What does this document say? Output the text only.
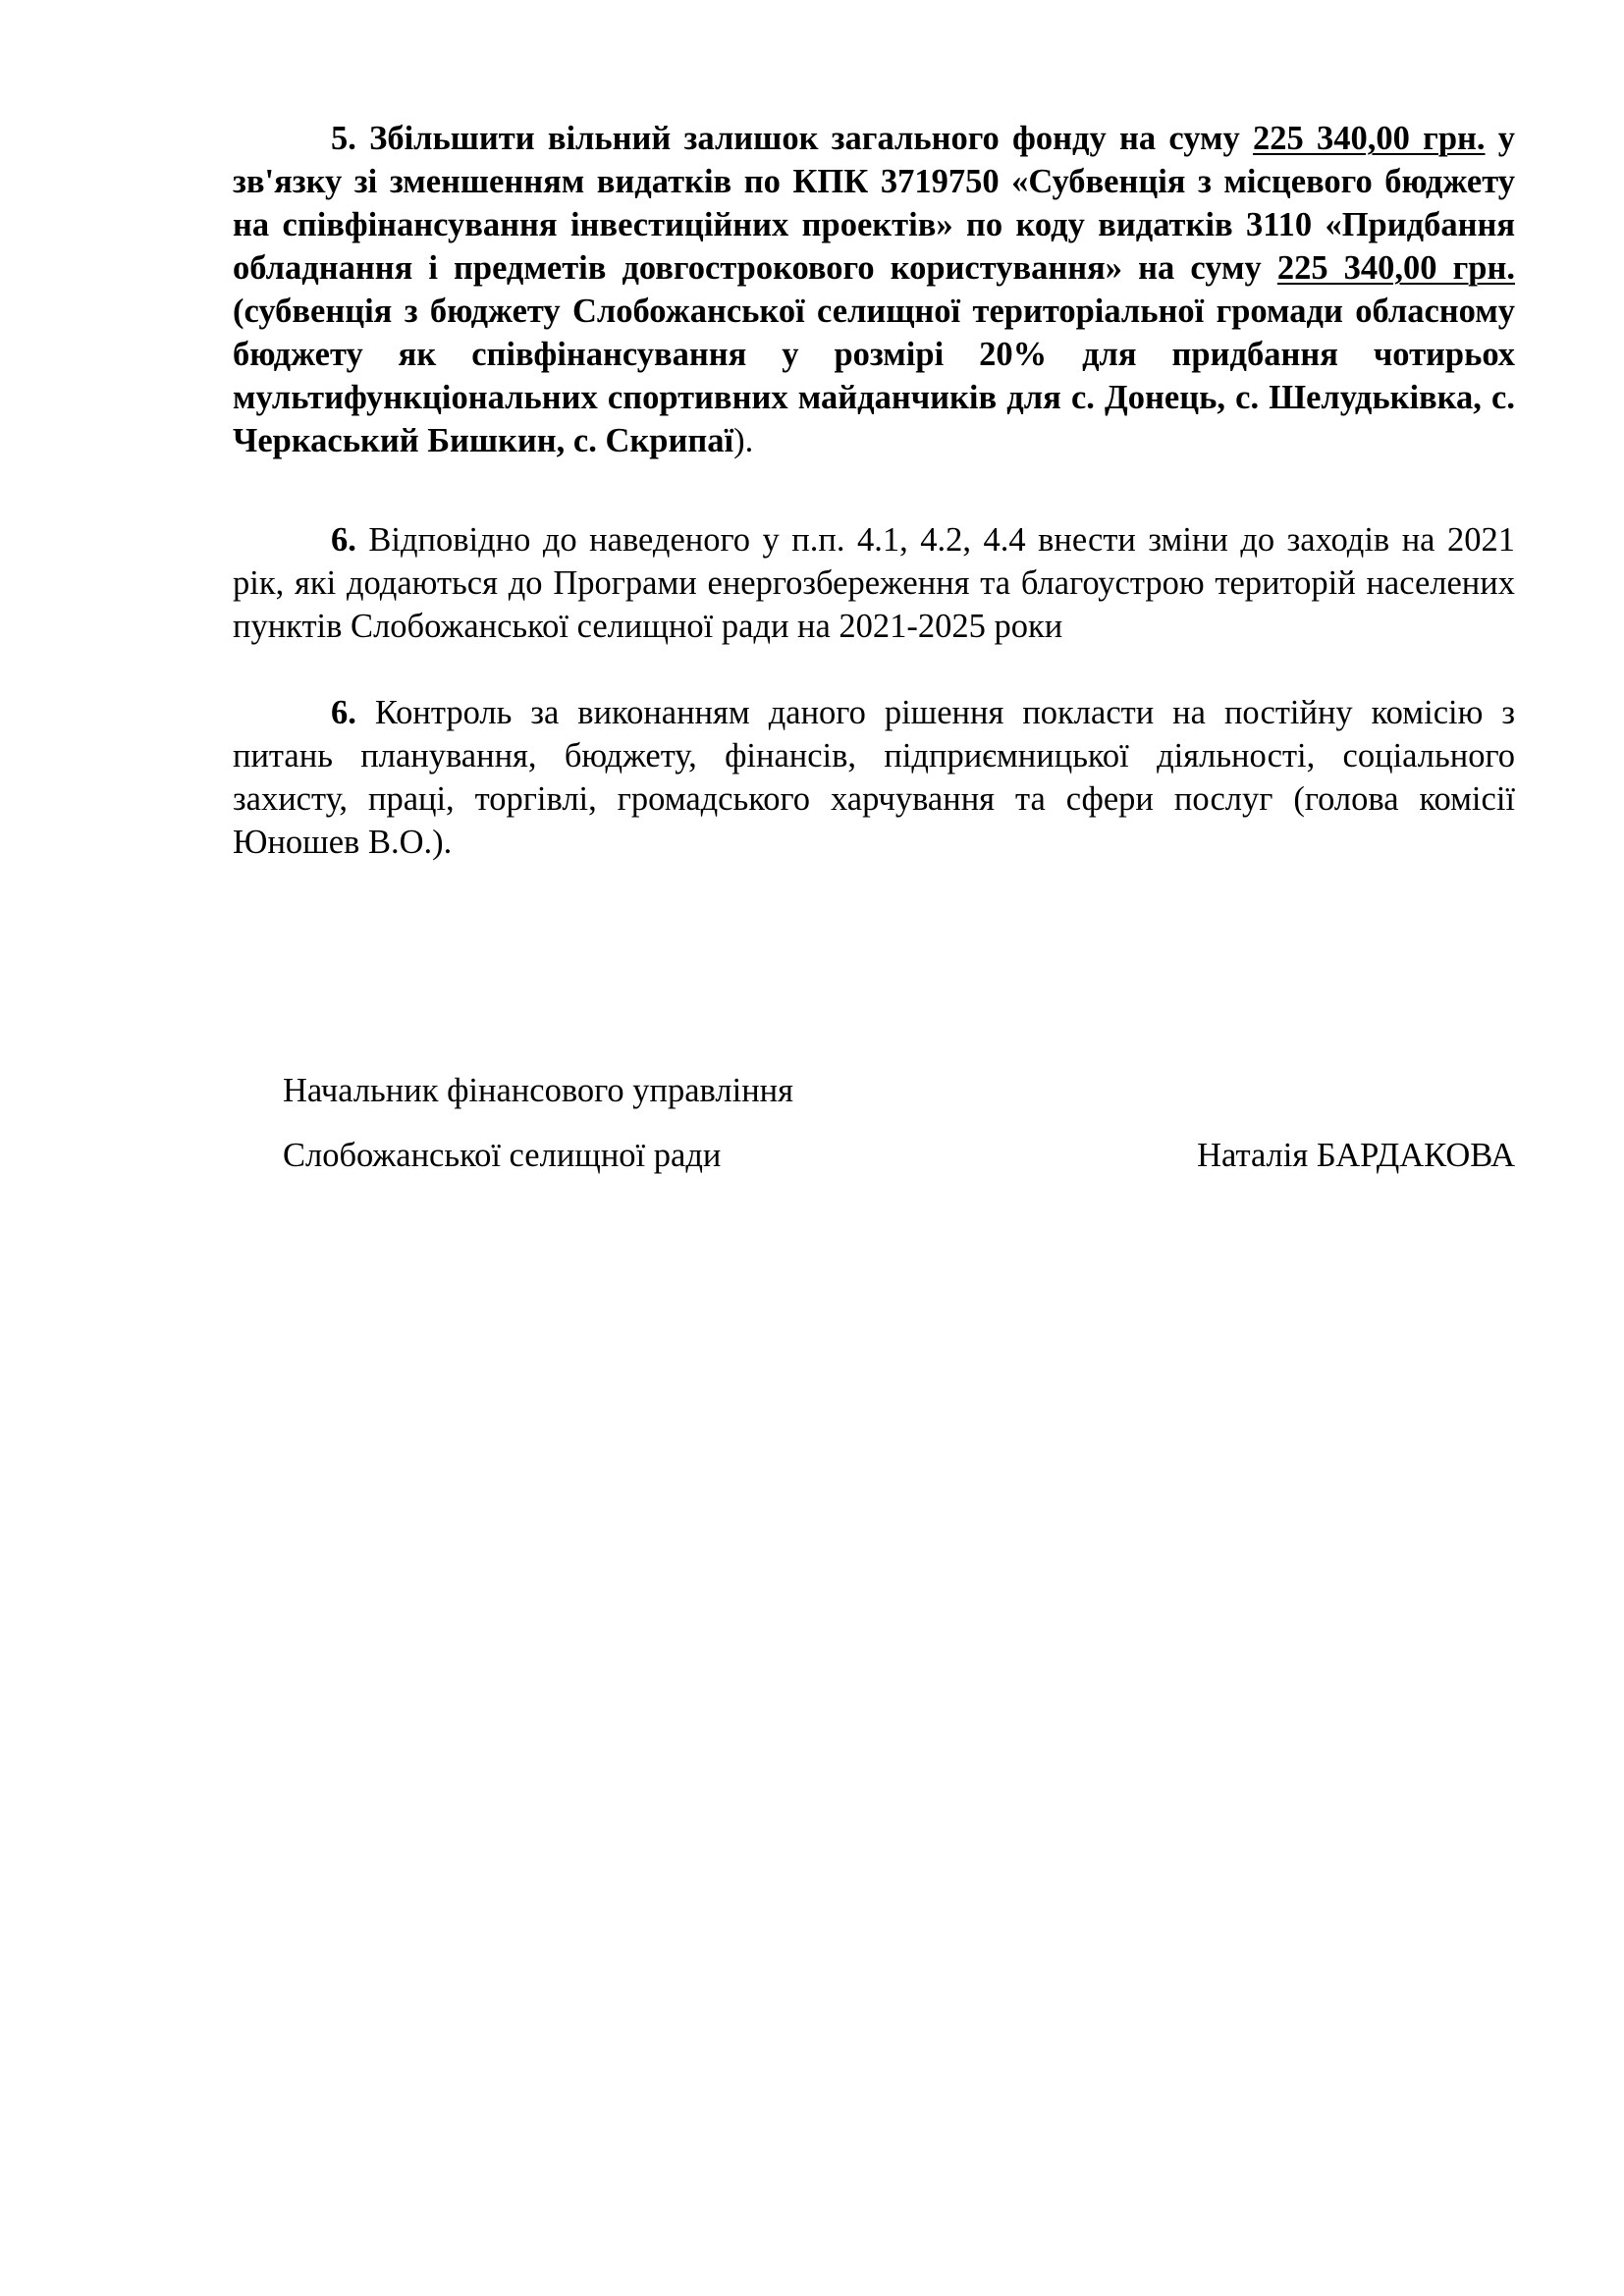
5. Збільшити вільний залишок загального фонду на суму 225 340,00 грн. у зв'язку зі зменшенням видатків по КПК 3719750 «Субвенція з місцевого бюджету на співфінансування інвестиційних проектів» по коду видатків 3110 «Придбання обладнання і предметів довгострокового користування» на суму 225 340,00 грн. (субвенція з бюджету Слобожанської селищної територіальної громади обласному бюджету як співфінансування у розмірі 20% для придбання чотирьох мультифункціональних спортивних майданчиків для с. Донець, с. Шелудьківка, с. Черкаський Бишкин, с. Скрипаї).

6. Відповідно до наведеного у п.п. 4.1, 4.2, 4.4 внести зміни до заходів на 2021 рік, які додаються до Програми енергозбереження та благоустрою територій населених пунктів Слобожанської селищної ради на 2021-2025 роки

6. Контроль за виконанням даного рішення покласти на постійну комісію з питань планування, бюджету, фінансів, підприємницької діяльності, соціального захисту, праці, торгівлі, громадського харчування та сфери послуг (голова комісії Юношев В.О.).

Начальник фінансового управління
Слобожанської селищної ради	Наталія БАРДАКОВА
